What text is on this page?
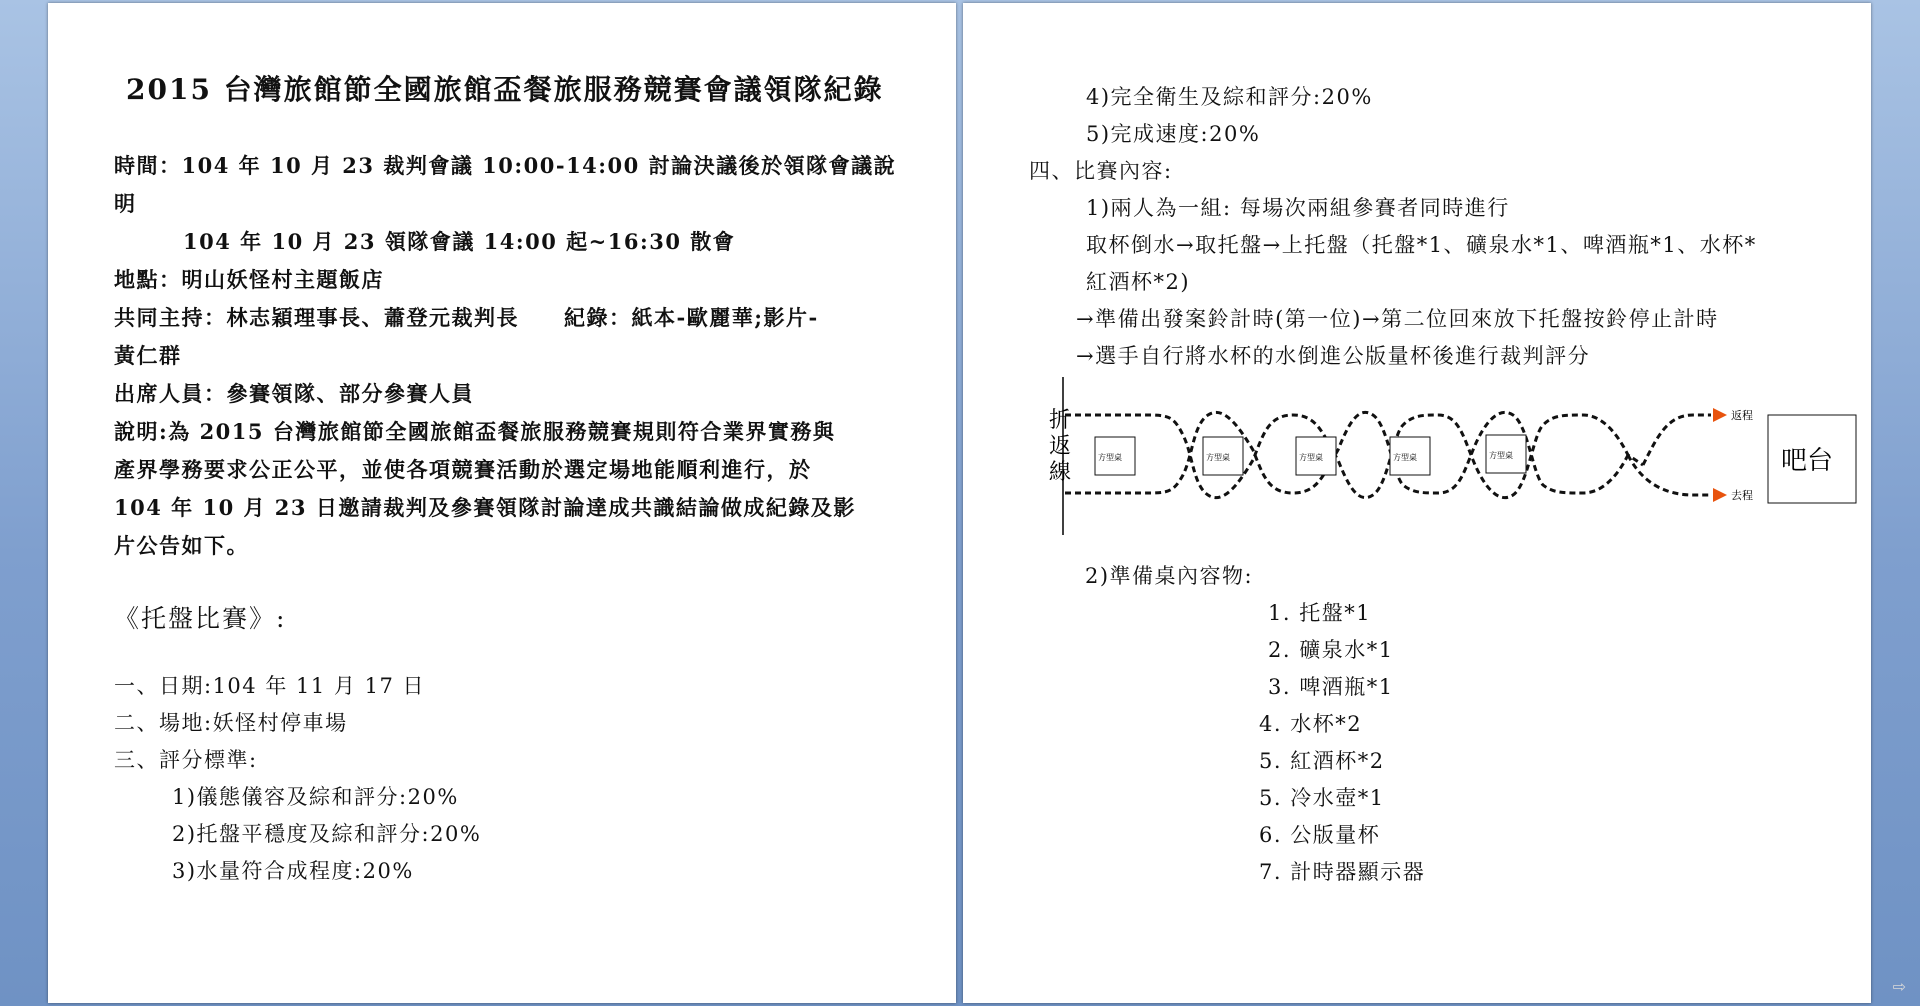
2015 台灣旅館節全國旅館盃餐旅服務競賽會議領隊紀錄
時間：104 年 10 月 23 裁判會議 10:00-14:00 討論決議後於領隊會議說
明
104 年 10 月 23 領隊會議 14:00 起~16:30 散會
地點：明山妖怪村主題飯店
共同主持：林志穎理事長、蕭登元裁判長　　紀錄：紙本-歐麗華;影片-
黃仁群
出席人員：參賽領隊、部分參賽人員
說明:為 2015 台灣旅館節全國旅館盃餐旅服務競賽規則符合業界實務與
產界學務要求公正公平，並使各項競賽活動於選定場地能順利進行，於
104 年 10 月 23 日邀請裁判及參賽領隊討論達成共識結論做成紀錄及影
片公告如下。
《托盤比賽》:
一、日期:104 年 11 月 17 日
二、場地:妖怪村停車場
三、評分標準:
1)儀態儀容及綜和評分:20%
2)托盤平穩度及綜和評分:20%
3)水量符合成程度:20%
4)完全衛生及綜和評分:20%
5)完成速度:20%
四、比賽內容:
1)兩人為一組: 每場次兩組參賽者同時進行
取杯倒水→取托盤→上托盤（托盤*1、礦泉水*1、啤酒瓶*1、水杯*
紅酒杯*2)
→準備出發案鈴計時(第一位)→第二位回來放下托盤按鈴停止計時
→選手自行將水杯的水倒進公版量杯後進行裁判評分
折
返
線
返程
去程
方型桌	方型桌	方型桌	方型桌	方型桌	吧台
2)準備桌內容物:
1. 托盤*1
2. 礦泉水*1
3. 啤酒瓶*1
4. 水杯*2
5. 紅酒杯*2
5. 冷水壺*1
6. 公版量杯
7. 計時器顯示器
⇨
